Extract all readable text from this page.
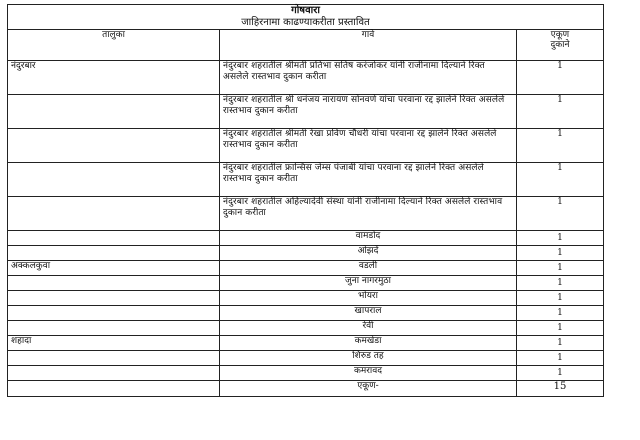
गोषवारा
जाहिरनामा काढण्याकरीता प्रस्तावित		

तालुका	गावे	एकूण
दुकाने

नंदुरबार	नंदुरबार शहरातील श्रीमती प्रतिभा सतिष करंजोकर यांनी राजीनामा दिल्याने रिक्त असलेले रास्तभाव दुकान करीता	1
	नंदुरबार शहरातील श्री धनंजय नारायण सोनवणे यांचा परवाना रद्द झालेने रिक्त असलेले रास्तभाव दुकान करीता	1
	नंदुरबार शहरातील श्रीमती रेखा प्रविण चौधरी यांचा परवाना रद्द झालेने रिक्त असलेले रास्तभाव दुकान करीता	1
	नंदुरबार शहरातील फ्रान्सिस जेम्स पंजाबी यांचा परवाना रद्द झालेने रिक्त असलेले रास्तभाव दुकान करीता	1
	नंदुरबार शहरातील अहिल्यादेवी संस्था यांनी राजीनामा दिल्याने रिक्त असलेले रास्तभाव दुकान करीता	1
	वामडोद	1
	ओझर्दे	1
अक्कलकुवा	वडली	1
	जुना नागरमुठा	1
	भोयरा	1
	खापराल	1
	रेवी	1
शहादा	कमखेडा	1
	शिरुड तह	1
	कमरावद	1
	एकूण-	15
